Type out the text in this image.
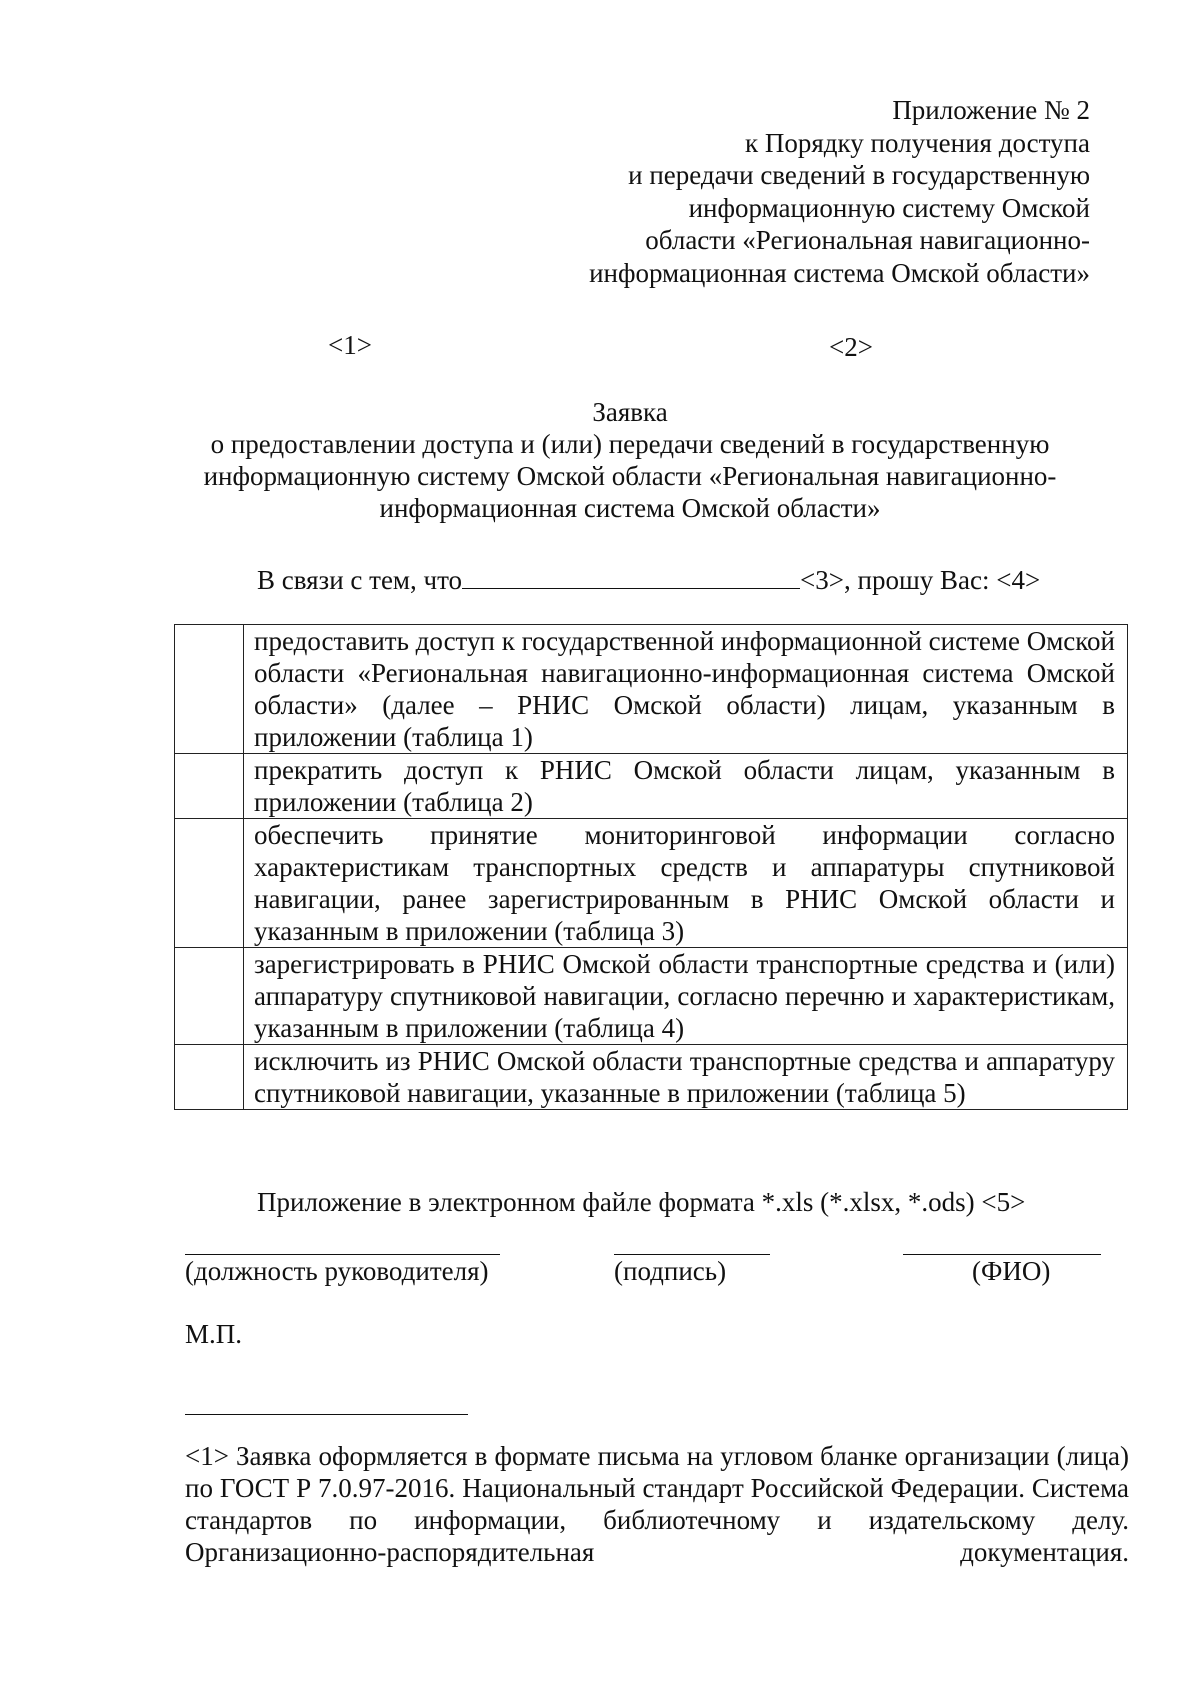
Приложение № 2
к Порядку получения доступа
и передачи сведений в государственную
информационную систему Омской
области «Региональная навигационно-
информационная система Омской области»
<1>	<2>
Заявка
о предоставлении доступа и (или) передачи сведений в государственную
информационную систему Омской области «Региональная навигационно-
информационная система Омской области»
В связи с тем, что	<3>, прошу Вас: <4>
	предоставить доступ к государственной информационной системе Омской области «Региональная навигационно-информационная система Омской области» (далее – РНИС Омской области) лицам, указанным в приложении (таблица 1)
	прекратить доступ к РНИС Омской области лицам, указанным в приложении (таблица 2)
	обеспечить принятие мониторинговой информации согласно характеристикам транспортных средств и аппаратуры спутниковой навигации, ранее зарегистрированным в РНИС Омской области и указанным в приложении (таблица 3)
	зарегистрировать в РНИС Омской области транспортные средства и (или) аппаратуру спутниковой навигации, согласно перечню и характеристикам, указанным в приложении (таблица 4)
	исключить из РНИС Омской области транспортные средства и аппаратуру спутниковой навигации, указанные в приложении (таблица 5)
Приложение в электронном файле формата *.xls (*.xlsx, *.ods) <5>
(должность руководителя)	(подпись)	(ФИО)
М.П.
<1> Заявка оформляется в формате письма на угловом бланке организации (лица) по ГОСТ Р 7.0.97-2016. Национальный стандарт Российской Федерации. Система стандартов по информации, библиотечному и издательскому делу. Организационно-распорядительная документация.
